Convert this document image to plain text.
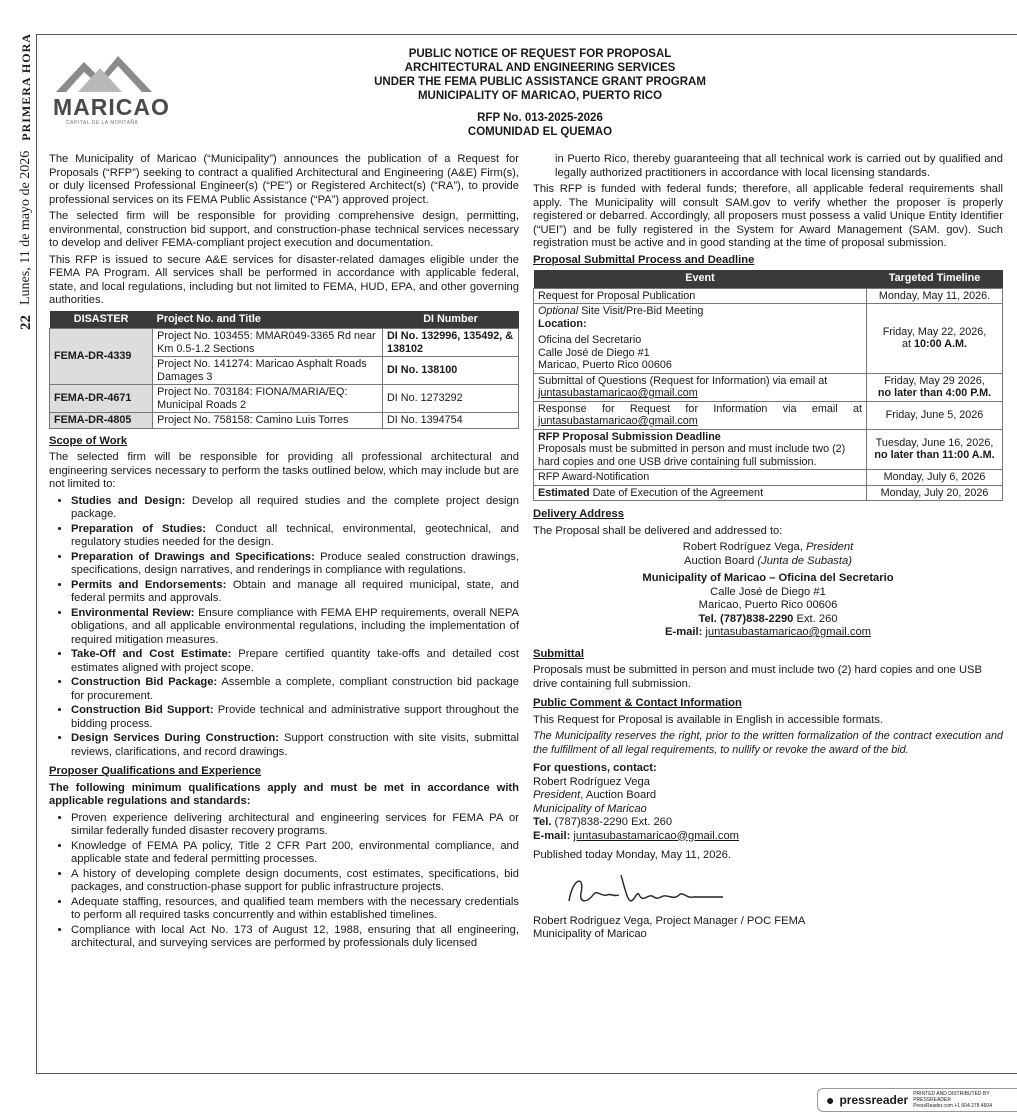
22
Lunes, 11 de mayo de 2026
PRIMERA HORA MARICAO
CAPITAL DE LA MONTAÑA
PUBLIC NOTICE OF REQUEST FOR PROPOSAL
ARCHITECTURAL AND ENGINEERING SERVICES
UNDER THE FEMA PUBLIC ASSISTANCE GRANT PROGRAM
MUNICIPALITY OF MARICAO, PUERTO RICO
RFP No. 013-2025-2026
COMUNIDAD EL QUEMAO

The Municipality of Maricao (“Municipality”) announces the publication of a Request for Proposals (“RFP”) seeking to contract a qualified Architectural and Engineering (A&E) Firm(s), or duly licensed Professional Engineer(s) (“PE”) or Registered Architect(s) (“RA”), to provide professional services on its FEMA Public Assistance (“PA”) approved project.

The selected firm will be responsible for providing comprehensive design, permitting, environmental, construction bid support, and construction-phase technical services necessary to develop and deliver FEMA-compliant project execution and documentation.

This RFP is issued to secure A&E services for disaster-related damages eligible under the FEMA PA Program. All services shall be performed in accordance with applicable federal, state, and local regulations, including but not limited to FEMA, HUD, EPA, and other governing authorities.

DISASTER	Project No. and Title	DI Number
FEMA-DR-4339	Project No. 103455: MMAR049-3365 Rd near Km 0.5-1.2 Sections	DI No. 132996, 135492, & 138102
	Project No. 141274: Maricao Asphalt Roads Damages 3	DI No. 138100
FEMA-DR-4671	Project No. 703184: FIONA/MARIA/EQ: Municipal Roads 2	DI No. 1273292
FEMA-DR-4805	Project No. 758158: Camino Luis Torres	DI No. 1394754
Scope of Work

The selected firm will be responsible for providing all professional architectural and engineering services necessary to perform the tasks outlined below, which may include but are not limited to:

• Studies and Design: Develop all required studies and the complete project design package.
• Preparation of Studies: Conduct all technical, environmental, geotechnical, and regulatory studies needed for the design.
• Preparation of Drawings and Specifications: Produce sealed construction drawings, specifications, design narratives, and renderings in compliance with regulations.
• Permits and Endorsements: Obtain and manage all required municipal, state, and federal permits and approvals.
• Environmental Review: Ensure compliance with FEMA EHP requirements, overall NEPA obligations, and all applicable environmental regulations, including the implementation of required mitigation measures.
• Take-Off and Cost Estimate: Prepare certified quantity take-offs and detailed cost estimates aligned with project scope.
• Construction Bid Package: Assemble a complete, compliant construction bid package for procurement.
• Construction Bid Support: Provide technical and administrative support throughout the bidding process.
• Design Services During Construction: Support construction with site visits, submittal reviews, clarifications, and record drawings.
Proposer Qualifications and Experience

The following minimum qualifications apply and must be met in accordance with applicable regulations and standards:

• Proven experience delivering architectural and engineering services for FEMA PA or similar federally funded disaster recovery programs.
• Knowledge of FEMA PA policy, Title 2 CFR Part 200, environmental compliance, and applicable state and federal permitting processes.
• A history of developing complete design documents, cost estimates, specifications, bid packages, and construction-phase support for public infrastructure projects.
• Adequate staffing, resources, and qualified team members with the necessary credentials to perform all required tasks concurrently and within established timelines.
• Compliance with local Act No. 173 of August 12, 1988, ensuring that all engineering, architectural, and surveying services are performed by professionals duly licensed

in Puerto Rico, thereby guaranteeing that all technical work is carried out by qualified and legally authorized practitioners in accordance with local licensing standards.

This RFP is funded with federal funds; therefore, all applicable federal requirements shall apply. The Municipality will consult SAM.gov to verify whether the proposer is properly registered or debarred. Accordingly, all proposers must possess a valid Unique Entity Identifier (“UEI”) and be fully registered in the System for Award Management (SAM. gov). Such registration must be active and in good standing at the time of proposal submission.

Proposal Submittal Process and Deadline
Event	Targeted Timeline
Request for Proposal Publication	Monday, May 11, 2026.
Optional Site Visit/Pre-Bid Meeting
Location:

Oficina del Secretario
Calle José de Diego #1
Maricao, Puerto Rico 00606	Friday, May 22, 2026,
at 10:00 A.M.
Submittal of Questions (Request for Information) via email at juntasubastamaricao@gmail.com	Friday, May 29 2026,
no later than 4:00 P.M.
Response for Request for Information via email at juntasubastamaricao@gmail.com	Friday, June 5, 2026
RFP Proposal Submission Deadline
Proposals must be submitted in person and must include two (2) hard copies and one USB drive containing full submission.	Tuesday, June 16, 2026,
no later than 11:00 A.M.
RFP Award-Notification	Monday, July 6, 2026
Estimated Date of Execution of the Agreement	Monday, July 20, 2026
Delivery Address

The Proposal shall be delivered and addressed to:

Robert Rodríguez Vega, President
Auction Board (Junta de Subasta)
Municipality of Maricao – Oficina del Secretario
Calle José de Diego #1
Maricao, Puerto Rico 00606
Tel. (787)838-2290 Ext. 260
E-mail: juntasubastamaricao@gmail.com
Submittal

Proposals must be submitted in person and must include two (2) hard copies and one USB drive containing full submission.

Public Comment & Contact Information

This Request for Proposal is available in English in accessible formats.

The Municipality reserves the right, prior to the written formalization of the contract execution and the fulfillment of all legal requirements, to nullify or revoke the award of the bid.

For questions, contact:
Robert Rodríguez Vega
President, Auction Board
Municipality of Maricao
Tel. (787)838-2290 Ext. 260
E-mail: juntasubastamaricao@gmail.com
Published today Monday, May 11, 2026.
Robert Rodriguez Vega, Project Manager / POC FEMA
Municipality of Maricao
● pressreader PRINTED AND DISTRIBUTED BY PRESSREADER
PressReader.com +1 604 278 4604
